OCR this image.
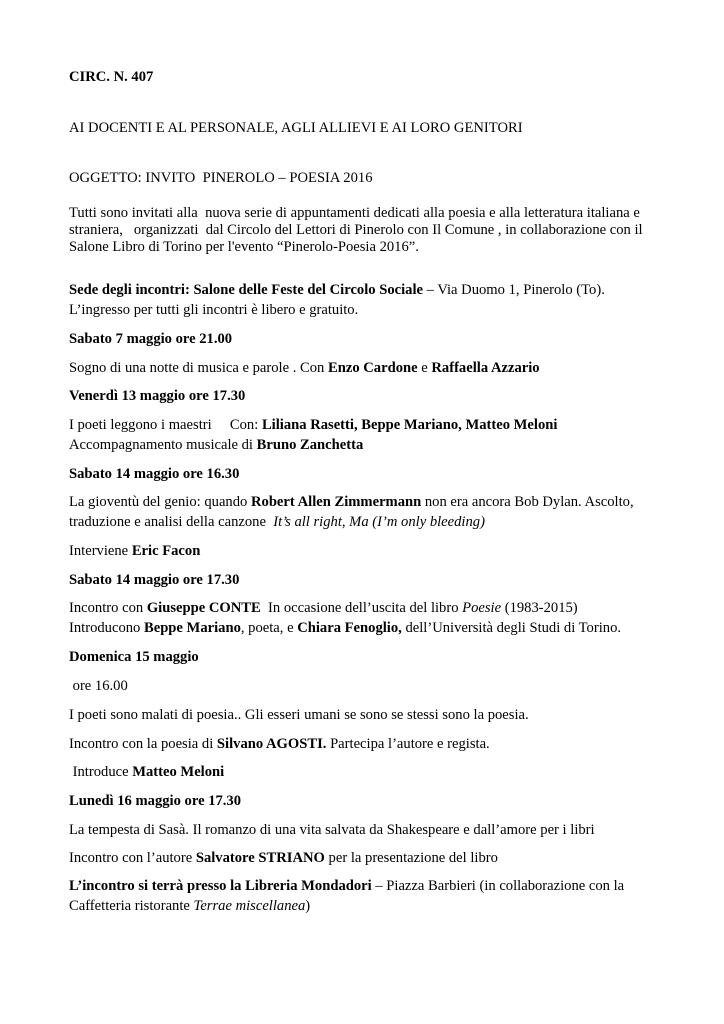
CIRC. N. 407
AI DOCENTI E AL PERSONALE, AGLI ALLIEVI E AI LORO GENITORI
OGGETTO: INVITO  PINEROLO – POESIA 2016
Tutti sono invitati alla  nuova serie di appuntamenti dedicati alla poesia e alla letteratura italiana e
straniera,   organizzati  dal Circolo del Lettori di Pinerolo con Il Comune , in collaborazione con il
Salone Libro di Torino per l'evento “Pinerolo-Poesia 2016”.
Sede degli incontri: Salone delle Feste del Circolo Sociale – Via Duomo 1, Pinerolo (To).
L’ingresso per tutti gli incontri è libero e gratuito.
Sabato 7 maggio ore 21.00
Sogno di una notte di musica e parole . Con Enzo Cardone e Raffaella Azzario
Venerdì 13 maggio ore 17.30
I poeti leggono i maestri     Con: Liliana Rasetti, Beppe Mariano, Matteo Meloni
Accompagnamento musicale di Bruno Zanchetta
Sabato 14 maggio ore 16.30
La gioventù del genio: quando Robert Allen Zimmermann non era ancora Bob Dylan. Ascolto,
traduzione e analisi della canzone  It’s all right, Ma (I’m only bleeding)
Interviene Eric Facon
Sabato 14 maggio ore 17.30
Incontro con Giuseppe CONTE  In occasione dell’uscita del libro Poesie (1983-2015)
Introducono Beppe Mariano, poeta, e Chiara Fenoglio, dell’Università degli Studi di Torino.
Domenica 15 maggio
ore 16.00
I poeti sono malati di poesia.. Gli esseri umani se sono se stessi sono la poesia.
Incontro con la poesia di Silvano AGOSTI. Partecipa l’autore e regista.
Introduce Matteo Meloni
Lunedì 16 maggio ore 17.30
La tempesta di Sasà. Il romanzo di una vita salvata da Shakespeare e dall’amore per i libri
Incontro con l’autore Salvatore STRIANO per la presentazione del libro
L’incontro si terrà presso la Libreria Mondadori – Piazza Barbieri (in collaborazione con la
Caffetteria ristorante Terrae miscellanea)
